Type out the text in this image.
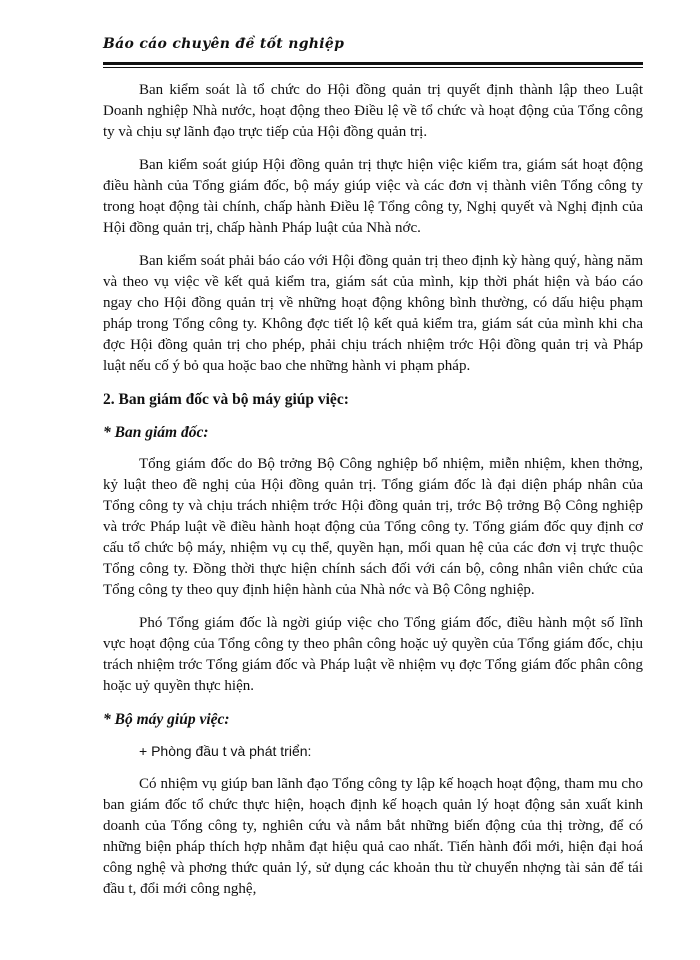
Báo cáo chuyên đề tốt nghiệp

Ban kiểm soát là tổ chức do Hội đồng quản trị quyết định thành lập theo Luật Doanh nghiệp Nhà nước, hoạt động theo Điều lệ về tổ chức và hoạt động của Tổng công ty và chịu sự lãnh đạo trực tiếp của Hội đồng quản trị.

Ban kiểm soát giúp Hội đồng quản trị thực hiện việc kiểm tra, giám sát hoạt động điều hành của Tổng giám đốc, bộ máy giúp việc và các đơn vị thành viên Tổng công ty trong hoạt động tài chính, chấp hành Điều lệ Tổng công ty, Nghị quyết và Nghị định của Hội đồng quản trị, chấp hành Pháp luật của Nhà nớc.

Ban kiểm soát phải báo cáo với Hội đồng quản trị theo định kỳ hàng quý, hàng năm và theo vụ việc về kết quả kiểm tra, giám sát của mình, kịp thời phát hiện và báo cáo ngay cho Hội đồng quản trị về những hoạt động không bình thường, có dấu hiệu phạm pháp trong Tổng công ty. Không đợc tiết lộ kết quả kiểm tra, giám sát của mình khi cha đợc Hội đồng quản trị cho phép, phải chịu trách nhiệm trớc Hội đồng quản trị và Pháp luật nếu cố ý bỏ qua hoặc bao che những hành vi phạm pháp.

2. Ban giám đốc và bộ máy giúp việc:
* Ban giám đốc:

Tổng giám đốc do Bộ trởng Bộ Công nghiệp bổ nhiệm, miễn nhiệm, khen thởng, kỷ luật theo đề nghị của Hội đồng quản trị. Tổng giám đốc là đại diện pháp nhân của Tổng công ty và chịu trách nhiệm trớc Hội đồng quản trị, trớc Bộ trởng Bộ Công nghiệp và trớc Pháp luật về điều hành hoạt động của Tổng công ty. Tổng giám đốc quy định cơ cấu tổ chức bộ máy, nhiệm vụ cụ thể, quyền hạn, mối quan hệ của các đơn vị trực thuộc Tổng công ty. Đồng thời thực hiện chính sách đối với cán bộ, công nhân viên chức của Tổng công ty theo quy định hiện hành của Nhà nớc và Bộ Công nghiệp.

Phó Tổng giám đốc là ngời giúp việc cho Tổng giám đốc, điều hành một số lĩnh vực hoạt động của Tổng công ty theo phân công hoặc uỷ quyền của Tổng giám đốc, chịu trách nhiệm trớc Tổng giám đốc và Pháp luật về nhiệm vụ đợc Tổng giám đốc phân công hoặc uỷ quyền thực hiện.

* Bộ máy giúp việc:

+ Phòng đầu t và phát triển:

Có nhiệm vụ giúp ban lãnh đạo Tổng công ty lập kế hoạch hoạt động, tham mu cho ban giám đốc tổ chức thực hiện, hoạch định kế hoạch quản lý hoạt động sản xuất kinh doanh của Tổng công ty, nghiên cứu và nắm bắt những biến động của thị trờng, để có những biện pháp thích hợp nhằm đạt hiệu quả cao nhất. Tiến hành đổi mới, hiện đại hoá công nghệ và phơng thức quản lý, sử dụng các khoản thu từ chuyển nhợng tài sản để tái đầu t, đổi mới công nghệ,
